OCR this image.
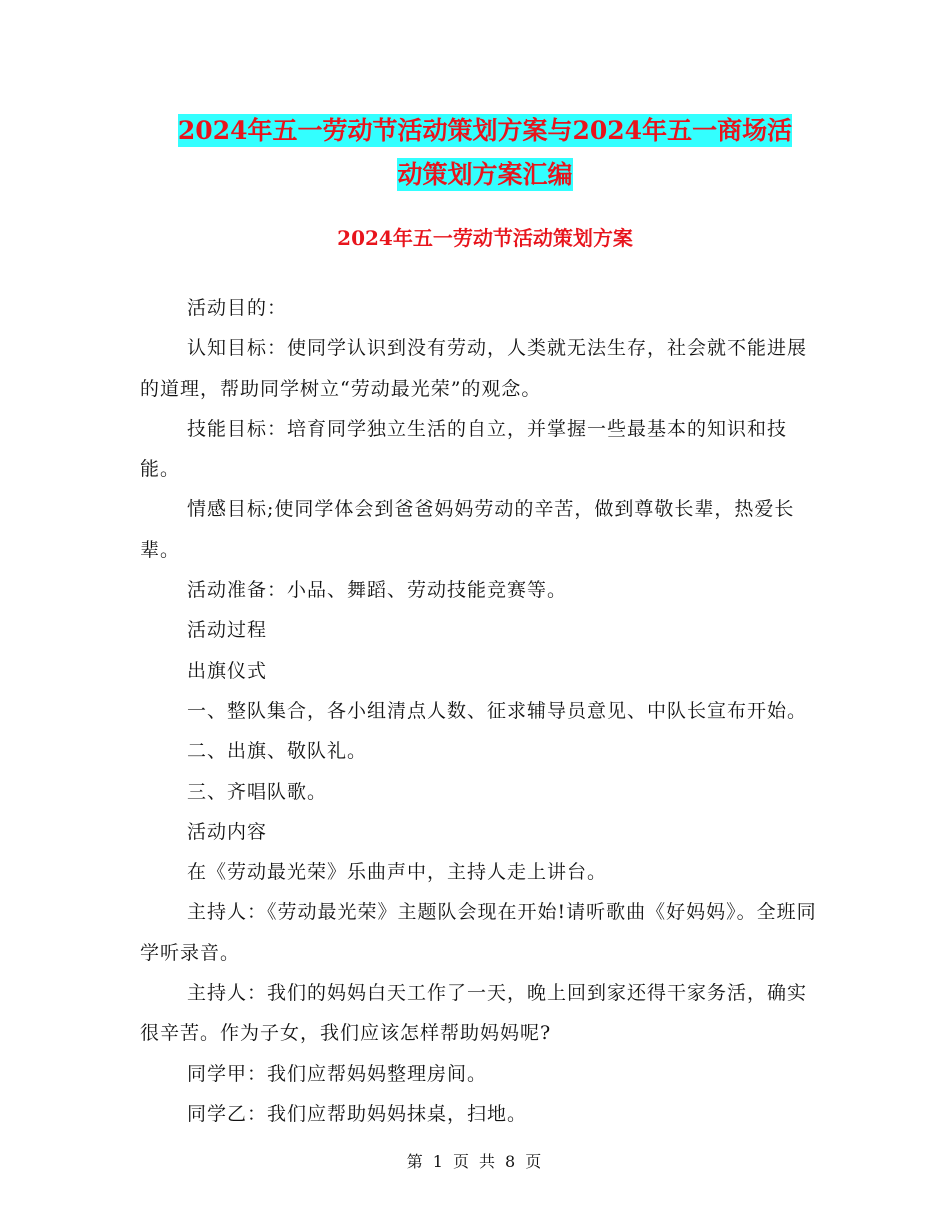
2024年五一劳动节活动策划方案与2024年五一商场活
动策划方案汇编
2024年五一劳动节活动策划方案

活动目的：

认知目标：使同学认识到没有劳动，人类就无法生存，社会就不能进展的道理，帮助同学树立“劳动最光荣”的观念。

技能目标：培育同学独立生活的自立，并掌握一些最基本的知识和技能。

情感目标;使同学体会到爸爸妈妈劳动的辛苦，做到尊敬长辈，热爱长辈。

活动准备：小品、舞蹈、劳动技能竞赛等。

活动过程

出旗仪式

一、整队集合，各小组清点人数、征求辅导员意见、中队长宣布开始。

二、出旗、敬队礼。

三、齐唱队歌。

活动内容

在《劳动最光荣》乐曲声中，主持人走上讲台。

主持人：《劳动最光荣》主题队会现在开始!请听歌曲《好妈妈》。全班同学听录音。

主持人：我们的妈妈白天工作了一天，晚上回到家还得干家务活，确实很辛苦。作为子女，我们应该怎样帮助妈妈呢?

同学甲：我们应帮妈妈整理房间。

同学乙：我们应帮助妈妈抹桌，扫地。

第 1 页 共 8 页
